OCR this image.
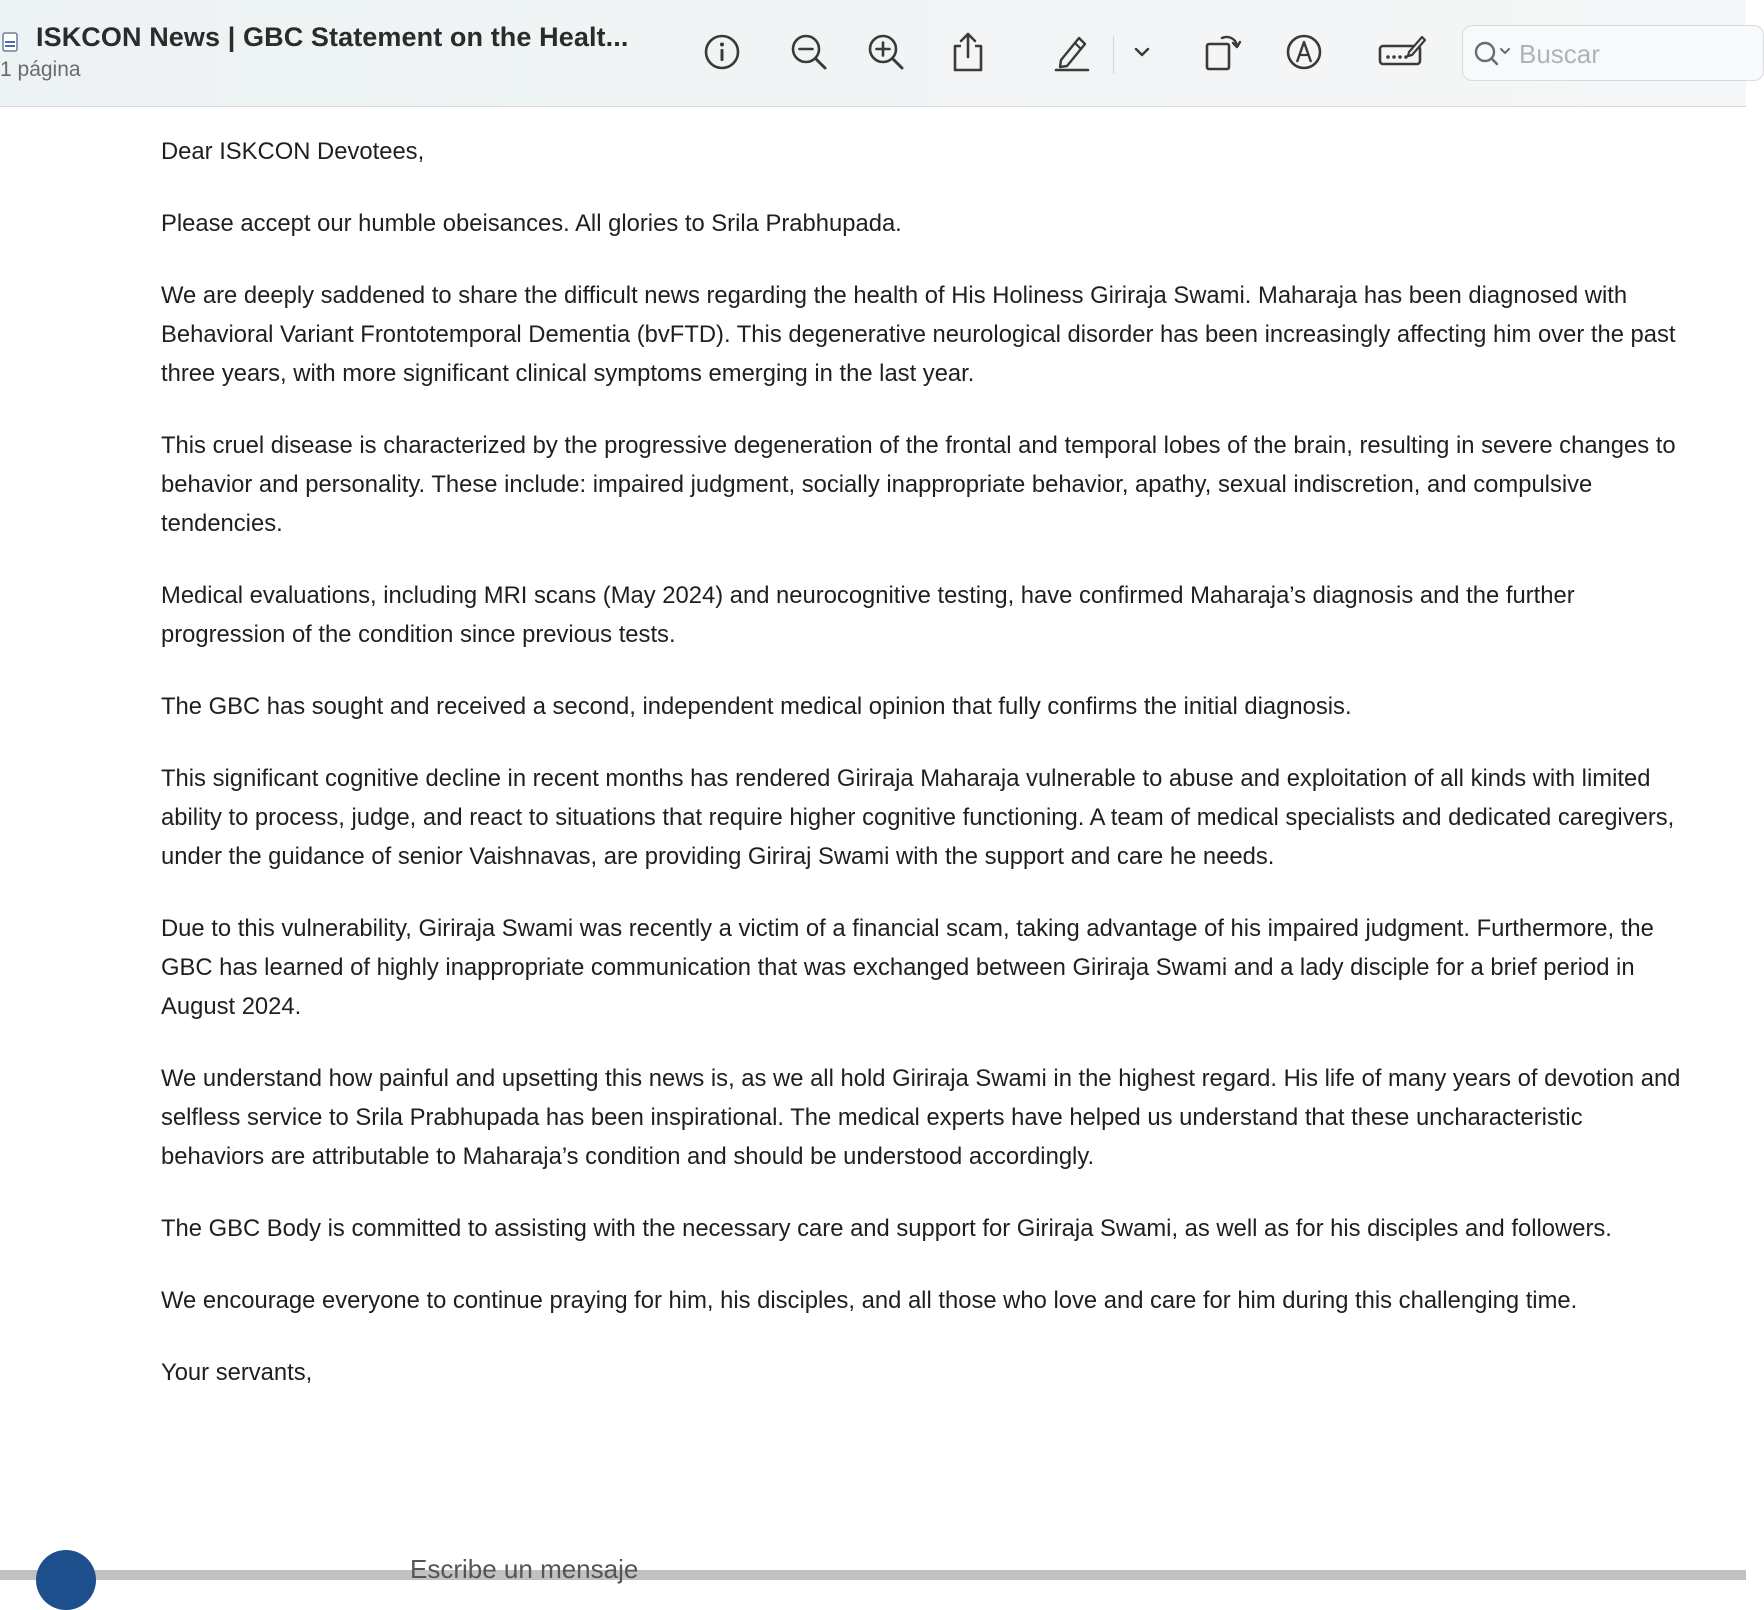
ISKCON News | GBC Statement on the Healt...
1 página
Buscar

Dear ISKCON Devotees,

Please accept our humble obeisances. All glories to Srila Prabhupada.

We are deeply saddened to share the difficult news regarding the health of His Holiness Giriraja Swami. Maharaja has been diagnosed with Behavioral Variant Frontotemporal Dementia (bvFTD). This degenerative neurological disorder has been increasingly affecting him over the past three years, with more significant clinical symptoms emerging in the last year.

This cruel disease is characterized by the progressive degeneration of the frontal and temporal lobes of the brain, resulting in severe changes to behavior and personality. These include: impaired judgment, socially inappropriate behavior, apathy, sexual indiscretion, and compulsive tendencies.

Medical evaluations, including MRI scans (May 2024) and neurocognitive testing, have confirmed Maharaja’s diagnosis and the further progression of the condition since previous tests.

The GBC has sought and received a second, independent medical opinion that fully confirms the initial diagnosis.

This significant cognitive decline in recent months has rendered Giriraja Maharaja vulnerable to abuse and exploitation of all kinds with limited ability to process, judge, and react to situations that require higher cognitive functioning. A team of medical specialists and dedicated caregivers, under the guidance of senior Vaishnavas, are providing Giriraj Swami with the support and care he needs.

Due to this vulnerability, Giriraja Swami was recently a victim of a financial scam, taking advantage of his impaired judgment. Furthermore, the GBC has learned of highly inappropriate communication that was exchanged between Giriraja Swami and a lady disciple for a brief period in August 2024.

We understand how painful and upsetting this news is, as we all hold Giriraja Swami in the highest regard. His life of many years of devotion and selfless service to Srila Prabhupada has been inspirational. The medical experts have helped us understand that these uncharacteristic behaviors are attributable to Maharaja’s condition and should be understood accordingly.

The GBC Body is committed to assisting with the necessary care and support for Giriraja Swami, as well as for his disciples and followers.

We encourage everyone to continue praying for him, his disciples, and all those who love and care for him during this challenging time.

Your servants,

Escribe un mensaje
